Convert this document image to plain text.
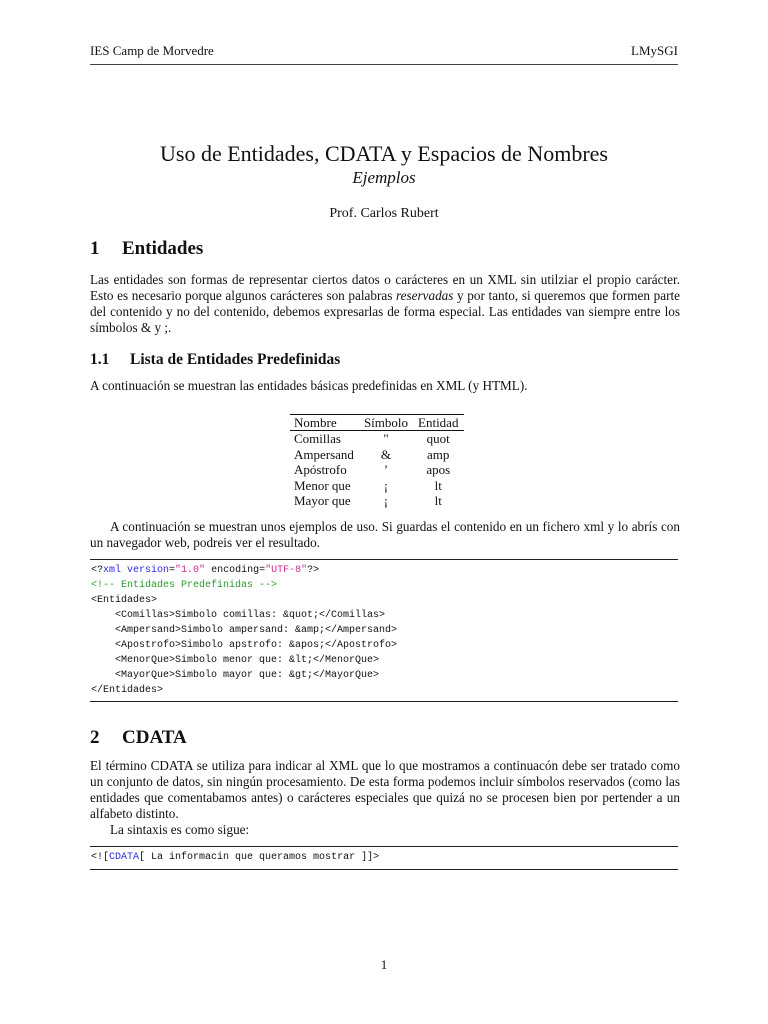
IES Camp de Morvedre	LMySGI
Uso de Entidades, CDATA y Espacios de Nombres
Ejemplos
Prof. Carlos Rubert
1 Entidades
Las entidades son formas de representar ciertos datos o carácteres en un XML sin utilziar el propio carácter. Esto es necesario porque algunos carácteres son palabras reservadas y por tanto, si queremos que formen parte del contenido y no del contenido, debemos expresarlas de forma especial. Las entidades van siempre entre los símbolos & y ;.
1.1 Lista de Entidades Predefinidas
A continuación se muestran las entidades básicas predefinidas en XML (y HTML).
Nombre	Símbolo	Entidad
Comillas	"	quot
Ampersand	&	amp
Apóstrofo	’	apos
Menor que	¡	lt
Mayor que	¡	lt
A continuación se muestran unos ejemplos de uso. Si guardas el contenido en un fichero xml y lo abrís con un navegador web, podreis ver el resultado.
<?xml version="1.0" encoding="UTF-8"?>
<!-- Entidades Predefinidas -->
<Entidades>
<Comillas>Simbolo comillas: &quot;</Comillas>
<Ampersand>Simbolo ampersand: &amp;</Ampersand>
<Apostrofo>Simbolo apstrofo: &apos;</Apostrofo>
<MenorQue>Simbolo menor que: &lt;</MenorQue>
<MayorQue>Simbolo mayor que: &gt;</MayorQue>
</Entidades>
2 CDATA
El término CDATA se utiliza para indicar al XML que lo que mostramos a continuacón debe ser tratado como un conjunto de datos, sin ningún procesamiento. De esta forma podemos incluir símbolos reservados (como las entidades que comentabamos antes) o carácteres especiales que quizá no se procesen bien por pertender a un alfabeto distinto.
La sintaxis es como sigue:
<![CDATA[ La informacin que queramos mostrar ]]>
1
